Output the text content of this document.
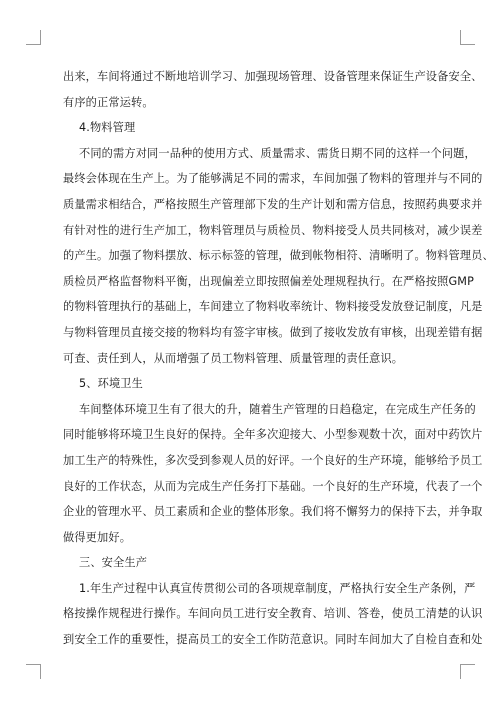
出来，车间将通过不断地培训学习、加强现场管理、设备管理来保证生产设备安全、
有序的正常运转。
4.物料管理
不同的需方对同一品种的使用方式、质量需求、需货日期不同的这样一个问题，
最终会体现在生产上。为了能够满足不同的需求，车间加强了物料的管理并与不同的
质量需求相结合，严格按照生产管理部下发的生产计划和需方信息，按照药典要求并
有针对性的进行生产加工，物料管理员与质检员、物料接受人员共同核对，减少误差
的产生。加强了物料摆放、标示标签的管理，做到帐物相符、清晰明了。物料管理员、
质检员严格监督物料平衡，出现偏差立即按照偏差处理规程执行。在严格按照GMP
的物料管理执行的基础上，车间建立了物料收率统计、物料接受发放登记制度，凡是
与物料管理员直接交接的物料均有签字审核。做到了接收发放有审核，出现差错有据
可查、责任到人，从而增强了员工物料管理、质量管理的责任意识。
5、环境卫生
车间整体环境卫生有了很大的升，随着生产管理的日趋稳定，在完成生产任务的
同时能够将环境卫生良好的保持。全年多次迎接大、小型参观数十次，面对中药饮片
加工生产的特殊性，多次受到参观人员的好评。一个良好的生产环境，能够给予员工
良好的工作状态，从而为完成生产任务打下基础。一个良好的生产环境，代表了一个
企业的管理水平、员工素质和企业的整体形象。我们将不懈努力的保持下去，并争取
做得更加好。
三、安全生产
1.年生产过程中认真宣传贯彻公司的各项规章制度，严格执行安全生产条例，严
格按操作规程进行操作。车间向员工进行安全教育、培训、答卷，使员工清楚的认识
到安全工作的重要性，提高员工的安全工作防范意识。同时车间加大了自检自查和处
